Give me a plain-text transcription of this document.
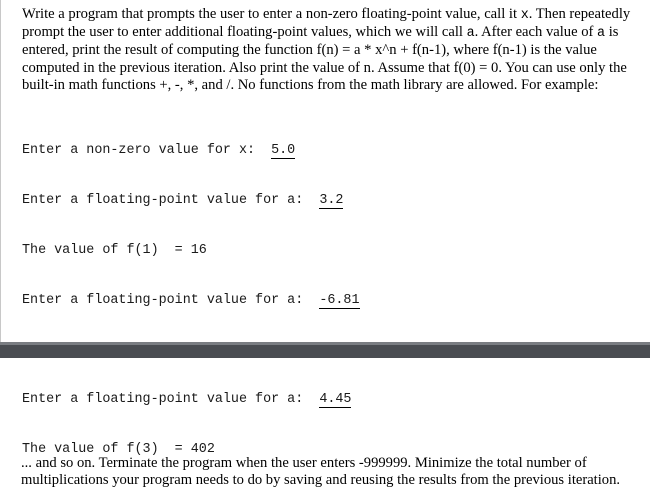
Write a program that prompts the user to enter a non-zero floating-point value, call it x. Then repeatedly prompt the user to enter additional floating-point values, which we will call a. After each value of a is entered, print the result of computing the function f(n) = a * x^n + f(n-1), where f(n-1) is the value computed in the previous iteration. Also print the value of n. Assume that f(0) = 0. You can use only the built-in math functions +, -, *, and /. No functions from the math library are allowed. For example:

Enter a non-zero value for x:  5.0

Enter a floating-point value for a:  3.2

The value of f(1)  = 16

Enter a floating-point value for a:  -6.81

Enter a floating-point value for a:  4.45

The value of f(3)  = 402

... and so on. Terminate the program when the user enters -999999. Minimize the total number of multiplications your program needs to do by saving and reusing the results from the previous iteration.
